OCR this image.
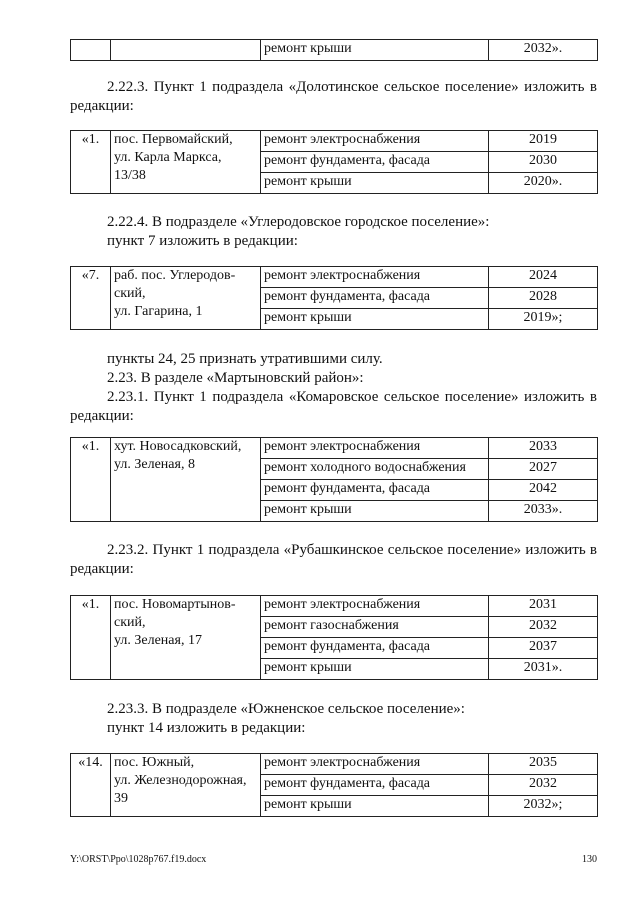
		ремонт крыши	2032».
2.22.3. Пункт 1 подраздела «Долотинское сельское поселение» изложить в редакции:
«1.	пос. Первомайский,
ул. Карла Маркса,
13/38	ремонт электроснабжения	2019
		ремонт фундамента, фасада	2030
		ремонт крыши	2020».
2.22.4. В подразделе «Углеродовское городское поселение»:
пункт 7 изложить в редакции:
«7.	раб. пос. Углеродов-
ский,
ул. Гагарина, 1	ремонт электроснабжения	2024
		ремонт фундамента, фасада	2028
		ремонт крыши	2019»;
пункты 24, 25 признать утратившими силу.
2.23. В разделе «Мартыновский район»:
2.23.1. Пункт 1 подраздела «Комаровское сельское поселение» изложить в редакции:
«1.	хут. Новосадковский,
ул. Зеленая, 8	ремонт электроснабжения	2033
		ремонт холодного водоснабжения	2027
		ремонт фундамента, фасада	2042
		ремонт крыши	2033».
2.23.2. Пункт 1 подраздела «Рубашкинское сельское поселение» изложить в редакции:
«1.	пос. Новомартынов-
ский,
ул. Зеленая, 17	ремонт электроснабжения	2031
		ремонт газоснабжения	2032
		ремонт фундамента, фасада	2037
		ремонт крыши	2031».
2.23.3. В подразделе «Южненское сельское поселение»:
пункт 14 изложить в редакции:
«14.	пос. Южный,
ул. Железнодорожная,
39	ремонт электроснабжения	2035
		ремонт фундамента, фасада	2032
		ремонт крыши	2032»;
Y:\ORST\Ppo\1028p767.f19.docx	130
